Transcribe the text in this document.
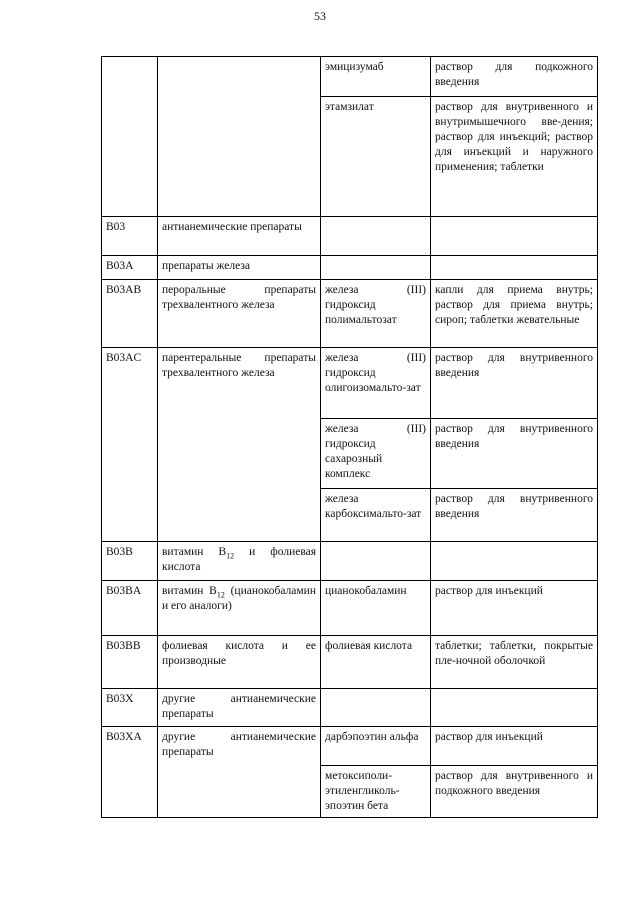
53
		эмицизумаб	раствор для подкожного введения
		этамзилат	раствор для внутривенного и внутримышечного вве-дения; раствор для инъекций; раствор для инъекций и наружного применения; таблетки
B03	антианемические препараты		
B03A	препараты железа		
B03AB	пероральные препараты трехвалентного железа	железа (III) гидроксид полимальтозат	капли для приема внутрь; раствор для приема внутрь; сироп; таблетки жевательные
B03AC	парентеральные препараты трехвалентного железа	железа (III) гидроксид олигоизомальто-зат	раствор для внутривенного введения
		железа (III) гидроксид сахарозный комплекс	раствор для внутривенного введения
		железа карбоксимальто-зат	раствор для внутривенного введения
B03B	витамин $B_{12}$ и фолиевая кислота		
B03BA	витамин $B_{12}$ (цианокобаламин и его аналоги)	цианокобаламин	раствор для инъекций
B03BB	фолиевая кислота и ее производные	фолиевая кислота	таблетки; таблетки, покрытые пле-ночной оболочкой
B03X	другие антианемические препараты		
B03XA	другие антианемические препараты	дарбэпоэтин альфа	раствор для инъекций
		метоксиполи-этиленгликоль-эпоэтин бета	раствор для внутривенного и подкожного введения
